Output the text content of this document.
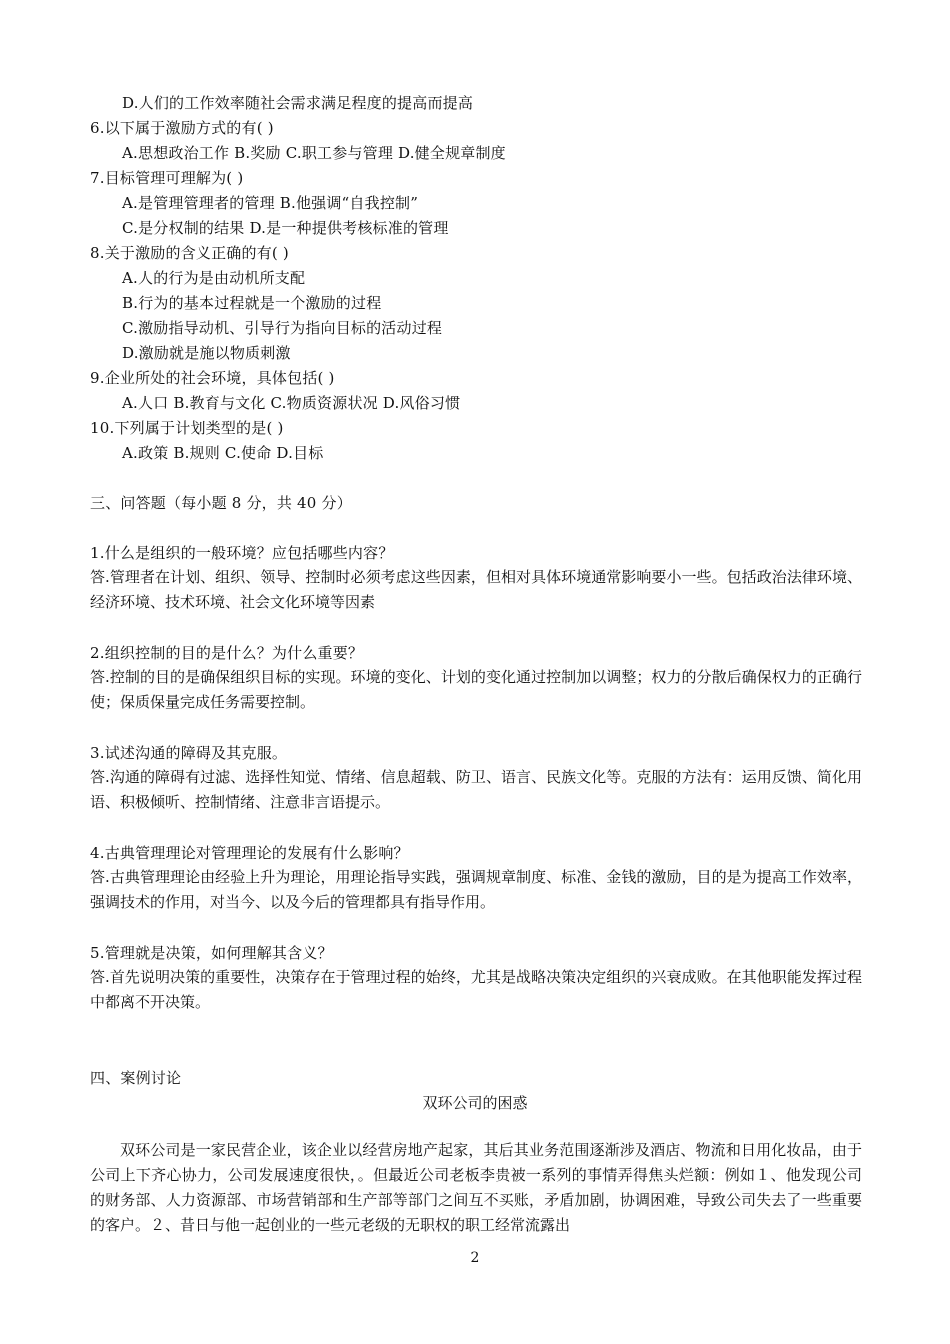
D.人们的工作效率随社会需求满足程度的提高而提高
6.以下属于激励方式的有( )
A.思想政治工作 B.奖励 C.职工参与管理 D.健全规章制度
7.目标管理可理解为( )
A.是管理管理者的管理 B.他强调“自我控制”
C.是分权制的结果 D.是一种提供考核标准的管理
8.关于激励的含义正确的有( )
A.人的行为是由动机所支配
B.行为的基本过程就是一个激励的过程
C.激励指导动机、引导行为指向目标的活动过程
D.激励就是施以物质刺激
9.企业所处的社会环境，具体包括( )
A.人口 B.教育与文化 C.物质资源状况 D.风俗习惯
10.下列属于计划类型的是( )
A.政策 B.规则 C.使命 D.目标
三、问答题（每小题 8 分，共 40 分）
1.什么是组织的一般环境？应包括哪些内容？
答.管理者在计划、组织、领导、控制时必须考虑这些因素，但相对具体环境通常影响要小一些。包括政治法律环境、经济环境、技术环境、社会文化环境等因素
2.组织控制的目的是什么？为什么重要？
答.控制的目的是确保组织目标的实现。环境的变化、计划的变化通过控制加以调整；权力的分散后确保权力的正确行使；保质保量完成任务需要控制。
3.试述沟通的障碍及其克服。
答.沟通的障碍有过滤、选择性知觉、情绪、信息超载、防卫、语言、民族文化等。克服的方法有：运用反馈、简化用语、积极倾听、控制情绪、注意非言语提示。
4.古典管理理论对管理理论的发展有什么影响？
答.古典管理理论由经验上升为理论，用理论指导实践，强调规章制度、标准、金钱的激励，目的是为提高工作效率，强调技术的作用，对当今、以及今后的管理都具有指导作用。
5.管理就是决策，如何理解其含义？
答.首先说明决策的重要性，决策存在于管理过程的始终，尤其是战略决策决定组织的兴衰成败。在其他职能发挥过程中都离不开决策。
四、案例讨论
双环公司的困惑
双环公司是一家民营企业，该企业以经营房地产起家，其后其业务范围逐渐涉及酒店、物流和日用化妆品，由于公司上下齐心协力，公司发展速度很快，。但最近公司老板李贵被一系列的事情弄得焦头烂额：例如１、他发现公司的财务部、人力资源部、市场营销部和生产部等部门之间互不买账，矛盾加剧，协调困难，导致公司失去了一些重要的客户。２、昔日与他一起创业的一些元老级的无职权的职工经常流露出
2
